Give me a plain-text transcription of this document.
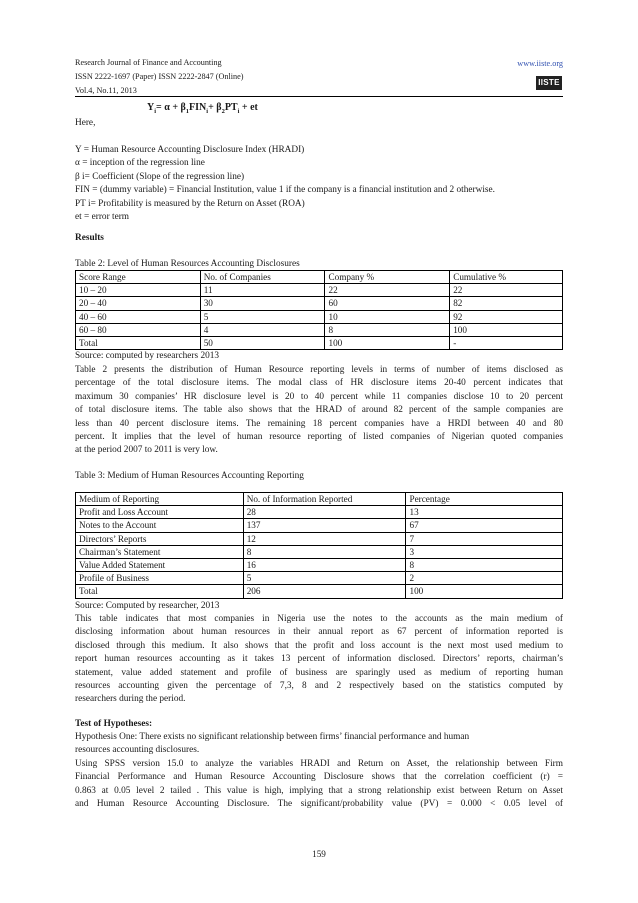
Research Journal of Finance and Accounting
ISSN 2222-1697 (Paper) ISSN 2222-2847 (Online)
Vol.4, No.11, 2013
www.iiste.org
IISTE
$Y_i= \alpha + \beta_1FIN_i+ \beta_2PT_i$ + et
Here,
Y = Human Resource Accounting Disclosure Index (HRADI)
α = inception of the regression line
β i= Coefficient (Slope of the regression line)
FIN = (dummy variable) = Financial Institution, value 1 if the company is a financial institution and 2 otherwise.
PT i= Profitability is measured by the Return on Asset (ROA)
et = error term
Results
Table 2: Level of Human Resources Accounting Disclosures
Score Range	No. of Companies	Company %	Cumulative %
10 – 20	11	22	22
20 – 40	30	60	82
40 – 60	5	10	92
60 – 80	4	8	100
Total	50	100	-
Source: computed by researchers 2013
Table 2 presents the distribution of Human Resource reporting levels in terms of number of items disclosed as
percentage of the total disclosure items. The modal class of HR disclosure items 20-40 percent indicates that
maximum 30 companies’ HR disclosure level is 20 to 40 percent while 11 companies disclose 10 to 20 percent
of total disclosure items. The table also shows that the HRAD of around 82 percent of the sample companies are
less than 40 percent disclosure items. The remaining 18 percent companies have a HRDI between 40 and 80
percent. It implies that the level of human resource reporting of listed companies of Nigerian quoted companies
at the period 2007 to 2011 is very low.
Table 3: Medium of Human Resources Accounting Reporting
Medium of Reporting	No. of Information Reported	Percentage
Profit and Loss Account	28	13
Notes to the Account	137	67
Directors’ Reports	12	7
Chairman’s Statement	8	3
Value Added Statement	16	8
Profile of Business	5	2
Total	206	100
Source: Computed by researcher, 2013
This table indicates that most companies in Nigeria use the notes to the accounts as the main medium of
disclosing information about human resources in their annual report as 67 percent of information reported is
disclosed through this medium. It also shows that the profit and loss account is the next most used medium to
report human resources accounting as it takes 13 percent of information disclosed. Directors’ reports, chairman’s
statement, value added statement and profile of business are sparingly used as medium of reporting human
resources accounting given the percentage of 7,3, 8 and 2 respectively based on the statistics computed by
researchers during the period.
Test of Hypotheses:
Hypothesis One: There exists no significant relationship between firms’ financial performance and human
resources accounting disclosures.
Using SPSS version 15.0 to analyze the variables HRADI and Return on Asset, the relationship between Firm
Financial Performance and Human Resource Accounting Disclosure shows that the correlation coefficient (r) =
0.863 at 0.05 level 2 tailed . This value is high, implying that a strong relationship exist between Return on Asset
and Human Resource Accounting Disclosure. The significant/probability value (PV) = 0.000 < 0.05 level of
159
